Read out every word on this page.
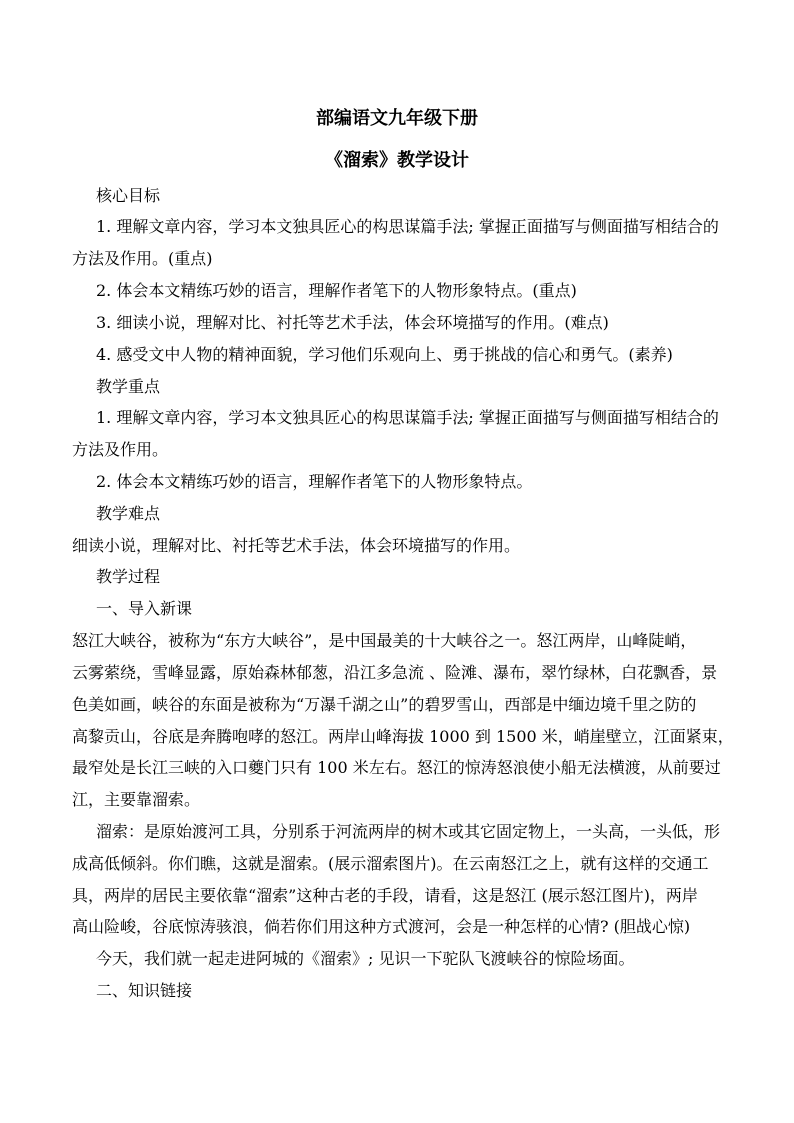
部编语文九年级下册
《溜索》教学设计
核心目标
1. 理解文章内容，学习本文独具匠心的构思谋篇手法; 掌握正面描写与侧面描写相结合的
方法及作用。(重点)
2. 体会本文精练巧妙的语言，理解作者笔下的人物形象特点。(重点)
3. 细读小说，理解对比、衬托等艺术手法，体会环境描写的作用。(难点)
4. 感受文中人物的精神面貌，学习他们乐观向上、勇于挑战的信心和勇气。(素养)
教学重点
1. 理解文章内容，学习本文独具匠心的构思谋篇手法; 掌握正面描写与侧面描写相结合的
方法及作用。
2. 体会本文精练巧妙的语言，理解作者笔下的人物形象特点。
教学难点
细读小说，理解对比、衬托等艺术手法，体会环境描写的作用。
教学过程
一、导入新课
怒江大峡谷，被称为“东方大峡谷”，是中国最美的十大峡谷之一。怒江两岸，山峰陡峭，
云雾萦绕，雪峰显露，原始森林郁葱，沿江多急流 、险滩、瀑布，翠竹绿林，白花飘香，景
色美如画，峡谷的东面是被称为“万瀑千湖之山”的碧罗雪山，西部是中缅边境千里之防的
高黎贡山，谷底是奔腾咆哮的怒江。两岸山峰海拔 1000 到 1500 米，峭崖壁立，江面紧束，
最窄处是长江三峡的入口夔门只有 100 米左右。怒江的惊涛怒浪使小船无法横渡，从前要过
江，主要靠溜索。
溜索：是原始渡河工具，分别系于河流两岸的树木或其它固定物上，一头高，一头低，形
成高低倾斜。你们瞧，这就是溜索。(展示溜索图片)。在云南怒江之上，就有这样的交通工
具，两岸的居民主要依靠“溜索”这种古老的手段，请看，这是怒江 (展示怒江图片)，两岸
高山险峻，谷底惊涛骇浪，倘若你们用这种方式渡河，会是一种怎样的心情? (胆战心惊)
今天，我们就一起走进阿城的《溜索》; 见识一下驼队飞渡峡谷的惊险场面。
二、知识链接
